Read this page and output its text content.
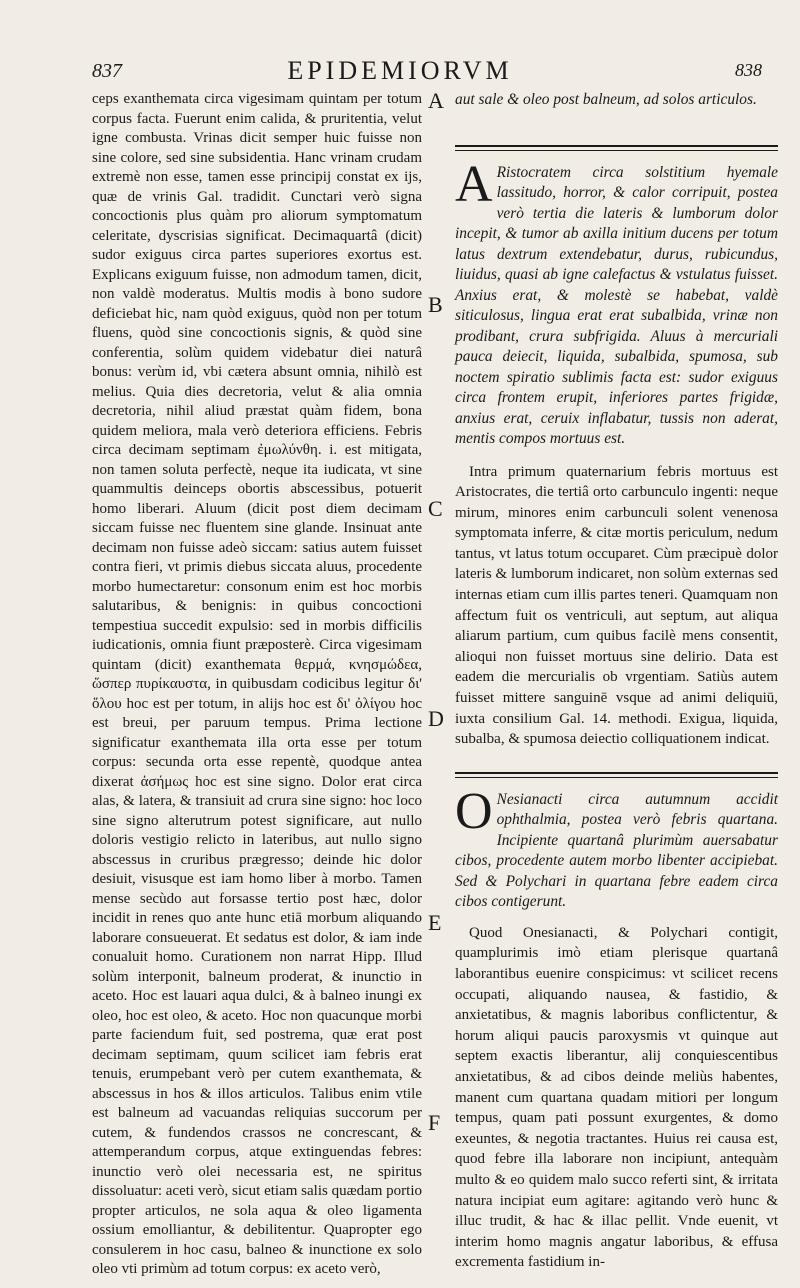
837	EPIDEMIORVM	838

ceps exanthemata circa vigesimam quintam per totum corpus facta. Fuerunt enim calida, & pruritentia, velut igne combusta. Vrinas dicit semper huic fuisse non sine colore, sed sine subsidentia. Hanc vrinam crudam extremè non esse, tamen esse principij constat ex ijs, quæ de vrinis Gal. tradidit. Cunctari verò signa concoctionis plus quàm pro aliorum symptomatum celeritate, dyscrisias significat. Decimaquartâ (dicit) sudor exiguus circa partes superiores exortus est. Explicans exiguum fuisse, non admodum tamen, dicit, non valdè moderatus. Multis modis à bono sudore deficiebat hic, nam quòd exiguus, quòd non per totum fluens, quòd sine concoctionis signis, & quòd sine conferentia, solùm quidem videbatur diei naturâ bonus: verùm id, vbi cætera absunt omnia, nihilò est melius. Quia dies decretoria, velut & alia omnia decretoria, nihil aliud præstat quàm fidem, bona quidem meliora, mala verò deteriora efficiens. Febris circa decimam septimam ἐμωλύνθη. i. est mitigata, non tamen soluta perfectè, neque ita iudicata, vt sine quammultis deinceps obortis abscessibus, potuerit homo liberari. Aluum (dicit post diem decimam siccam fuisse nec fluentem sine glande. Insinuat ante decimam non fuisse adeò siccam: satius autem fuisset contra fieri, vt primis diebus siccata aluus, procedente morbo humectaretur: consonum enim est hoc morbis salutaribus, & benignis: in quibus concoctioni tempestiua succedit expulsio: sed in morbis difficilis iudicationis, omnia fiunt præposterè. Circa vigesimam quintam (dicit) exanthemata θερμά, κνησμώδεα, ὥσπερ πυρίκαυστα, in quibusdam codicibus legitur δι' ὅλου hoc est per totum, in alijs hoc est δι' ὀλίγου hoc est breui, per paruum tempus. Prima lectione significatur exanthemata illa orta esse per totum corpus: secunda orta esse repentè, quodque antea dixerat ἀσήμως hoc est sine signo. Dolor erat circa alas, & latera, & transiuit ad crura sine signo: hoc loco sine signo alterutrum potest significare, aut nullo doloris vestigio relicto in lateribus, aut nullo signo abscessus in cruribus prægresso; deinde hic dolor desiuit, visusque est iam homo liber à morbo. Tamen mense secùdo aut forsasse tertio post hæc, dolor incidit in renes quo ante hunc etiā morbum aliquando laborare consueuerat. Et sedatus est dolor, & iam inde conualuit homo. Curationem non narrat Hipp. Illud solùm interponit, balneum proderat, & inunctio in aceto. Hoc est lauari aqua dulci, & à balneo inungi ex oleo, hoc est oleo, & aceto. Hoc non quacunque morbi parte faciendum fuit, sed postrema, quæ erat post decimam septimam, quum scilicet iam febris erat tenuis, erumpebant verò per cutem exanthemata, & abscessus in hos & illos articulos. Talibus enim vtile est balneum ad vacuandas reliquias succorum per cutem, & fundendos crassos ne concrescant, & attemperandum corpus, atque extinguendas febres: inunctio verò olei necessaria est, ne spiritus dissoluatur: aceti verò, sicut etiam salis quædam portio propter articulos, ne sola aqua & oleo ligamenta ossium emolliantur, & debilitentur. Quapropter ego consulerem in hoc casu, balneo & inunctione ex solo oleo vti primùm ad totum corpus: ex aceto verò,

A
B
C
D
E
F

aut sale & oleo post balneum, ad solos articulos.

A Ristocratem circa solstitium hyemale lassitudo, horror, & calor corripuit, postea verò tertia die lateris & lumborum dolor incepit, & tumor ab axilla initium ducens per totum latus dextrum extendebatur, durus, rubicundus, liuidus, quasi ab igne calefactus & vstulatus fuisset. Anxius erat, & molestè se habebat, valdè siticulosus, lingua erat erat subalbida, vrinæ non prodibant, crura subfrigida. Aluus à mercuriali pauca deiecit, liquida, subalbida, spumosa, sub noctem spiratio sublimis facta est: sudor exiguus circa frontem erupit, inferiores partes frigidæ, anxius erat, ceruix inflabatur, tussis non aderat, mentis compos mortuus est.

Intra primum quaternarium febris mortuus est Aristocrates, die tertiâ orto carbunculo ingenti: neque mirum, minores enim carbunculi solent venenosa symptomata inferre, & citæ mortis periculum, nedum tantus, vt latus totum occuparet. Cùm præcipuè dolor lateris & lumborum indicaret, non solùm externas sed internas etiam cum illis partes teneri. Quamquam non affectum fuit os ventriculi, aut septum, aut aliqua aliarum partium, cum quibus facilè mens consentit, alioqui non fuisset mortuus sine delirio. Data est eadem die mercurialis ob vrgentiam. Satiùs autem fuisset mittere sanguinē vsque ad animi deliquiū, iuxta consilium Gal. 14. methodi. Exigua, liquida, subalba, & spumosa deiectio colliquationem indicat.

O Nesianacti circa autumnum accidit ophthalmia, postea verò febris quartana. Incipiente quartanâ plurimùm auersabatur cibos, procedente autem morbo libenter accipiebat. Sed & Polychari in quartana febre eadem circa cibos contigerunt.

Quod Onesianacti, & Polychari contigit, quamplurimis imò etiam plerisque quartanâ laborantibus euenire conspicimus: vt scilicet recens occupati, aliquando nausea, & fastidio, & anxietatibus, & magnis laboribus conflictentur, & horum aliqui paucis paroxysmis vt quinque aut septem exactis liberantur, alij conquiescentibus anxietatibus, & ad cibos deinde meliùs habentes, manent cum quartana quadam mitiori per longum tempus, quam pati possunt exurgentes, & domo exeuntes, & negotia tractantes. Huius rei causa est, quod febre illa laborare non incipiunt, antequàm multo & eo quidem malo succo referti sint, & irritata natura incipiat eum agitare: agitando verò hunc & illuc trudit, & hac & illac pellit. Vnde euenit, vt interim homo magnis angatur laboribus, & effusa excrementa fastidium in-
